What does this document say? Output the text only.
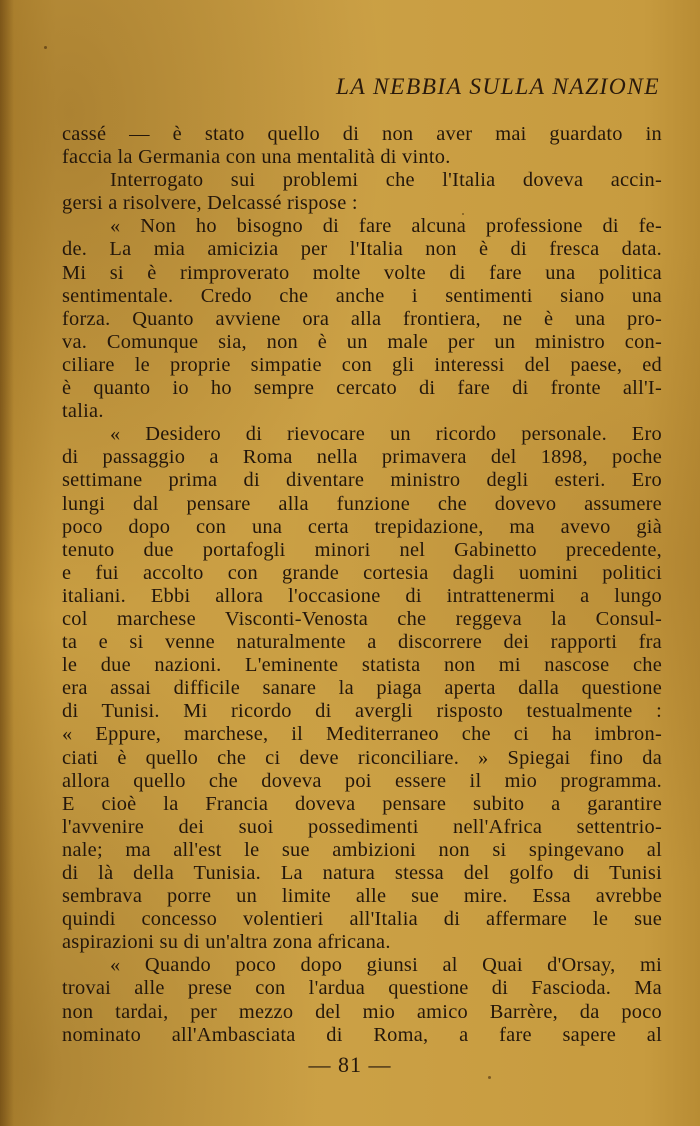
LA NEBBIA SULLA NAZIONE
cassé — è stato quello di non aver mai guardato in
faccia la Germania con una mentalità di vinto.
Interrogato sui problemi che l'Italia doveva accin-
gersi a risolvere, Delcassé rispose :
« Non ho bisogno di fare alcuna professione di fe-
de. La mia amicizia per l'Italia non è di fresca data.
Mi si è rimproverato molte volte di fare una politica
sentimentale. Credo che anche i sentimenti siano una
forza. Quanto avviene ora alla frontiera, ne è una pro-
va. Comunque sia, non è un male per un ministro con-
ciliare le proprie simpatie con gli interessi del paese, ed
è quanto io ho sempre cercato di fare di fronte all'I-
talia.
« Desidero di rievocare un ricordo personale. Ero
di passaggio a Roma nella primavera del 1898, poche
settimane prima di diventare ministro degli esteri. Ero
lungi dal pensare alla funzione che dovevo assumere
poco dopo con una certa trepidazione, ma avevo già
tenuto due portafogli minori nel Gabinetto precedente,
e fui accolto con grande cortesia dagli uomini politici
italiani. Ebbi allora l'occasione di intrattenermi a lungo
col marchese Visconti-Venosta che reggeva la Consul-
ta e si venne naturalmente a discorrere dei rapporti fra
le due nazioni. L'eminente statista non mi nascose che
era assai difficile sanare la piaga aperta dalla questione
di Tunisi. Mi ricordo di avergli risposto testualmente :
« Eppure, marchese, il Mediterraneo che ci ha imbron-
ciati è quello che ci deve riconciliare. » Spiegai fino da
allora quello che doveva poi essere il mio programma.
E cioè la Francia doveva pensare subito a garantire
l'avvenire dei suoi possedimenti nell'Africa settentrio-
nale; ma all'est le sue ambizioni non si spingevano al
di là della Tunisia. La natura stessa del golfo di Tunisi
sembrava porre un limite alle sue mire. Essa avrebbe
quindi concesso volentieri all'Italia di affermare le sue
aspirazioni su di un'altra zona africana.
« Quando poco dopo giunsi al Quai d'Orsay, mi
trovai alle prese con l'ardua questione di Fascioda. Ma
non tardai, per mezzo del mio amico Barrère, da poco
nominato all'Ambasciata di Roma, a fare sapere al
— 81 —
